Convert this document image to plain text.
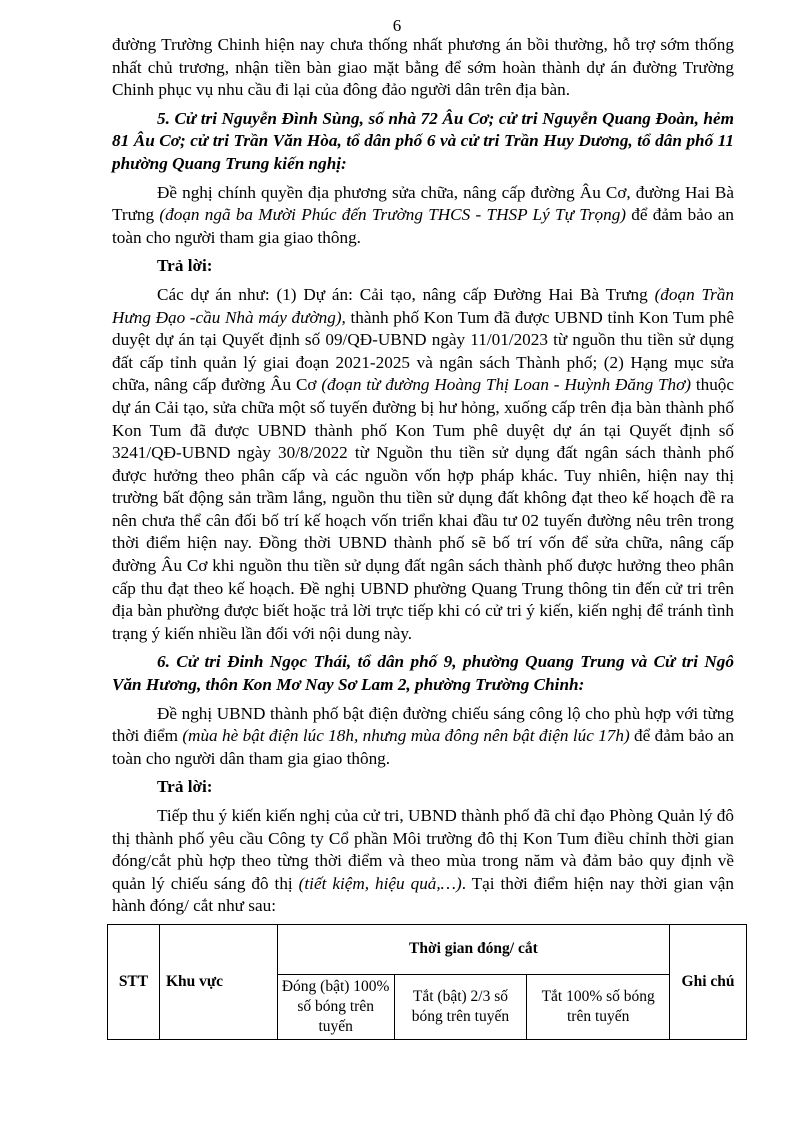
6

đường Trường Chinh hiện nay chưa thống nhất phương án bồi thường, hỗ trợ sớm thống nhất chủ trương, nhận tiền bàn giao mặt bằng để sớm hoàn thành dự án đường Trường Chinh phục vụ nhu cầu đi lại của đông đảo người dân trên địa bàn.

5. Cử tri Nguyễn Đình Sùng, số nhà 72 Âu Cơ; cử tri Nguyễn Quang Đoàn, hẻm 81 Âu Cơ; cử tri Trần Văn Hòa, tổ dân phố 6 và cử tri Trần Huy Dương, tổ dân phố 11 phường Quang Trung kiến nghị:

Đề nghị chính quyền địa phương sửa chữa, nâng cấp đường Âu Cơ, đường Hai Bà Trưng (đoạn ngã ba Mười Phúc đến Trường THCS - THSP Lý Tự Trọng) để đảm bảo an toàn cho người tham gia giao thông.

Trả lời:

Các dự án như: (1) Dự án: Cải tạo, nâng cấp Đường Hai Bà Trưng (đoạn Trần Hưng Đạo -cầu Nhà máy đường), thành phố Kon Tum đã được UBND tỉnh Kon Tum phê duyệt dự án tại Quyết định số 09/QĐ-UBND ngày 11/01/2023 từ nguồn thu tiền sử dụng đất cấp tỉnh quản lý giai đoạn 2021-2025 và ngân sách Thành phố; (2) Hạng mục sửa chữa, nâng cấp đường Âu Cơ (đoạn từ đường Hoàng Thị Loan - Huỳnh Đăng Thơ) thuộc dự án Cải tạo, sửa chữa một số tuyến đường bị hư hỏng, xuống cấp trên địa bàn thành phố Kon Tum đã được UBND thành phố Kon Tum phê duyệt dự án tại Quyết định số 3241/QĐ-UBND ngày 30/8/2022 từ Nguồn thu tiền sử dụng đất ngân sách thành phố được hưởng theo phân cấp và các nguồn vốn hợp pháp khác. Tuy nhiên, hiện nay thị trường bất động sản trầm lắng, nguồn thu tiền sử dụng đất không đạt theo kế hoạch đề ra nên chưa thể cân đối bố trí kế hoạch vốn triển khai đầu tư 02 tuyến đường nêu trên trong thời điểm hiện nay. Đồng thời UBND thành phố sẽ bố trí vốn để sửa chữa, nâng cấp đường Âu Cơ khi nguồn thu tiền sử dụng đất ngân sách thành phố được hưởng theo phân cấp thu đạt theo kế hoạch. Đề nghị UBND phường Quang Trung thông tin đến cử tri trên địa bàn phường được biết hoặc trả lời trực tiếp khi có cử tri ý kiến, kiến nghị để tránh tình trạng ý kiến nhiều lần đối với nội dung này.

6. Cử tri Đinh Ngọc Thái, tổ dân phố 9, phường Quang Trung và Cử tri Ngô Văn Hương, thôn Kon Mơ Nay Sơ Lam 2, phường Trường Chinh:

Đề nghị UBND thành phố bật điện đường chiếu sáng công lộ cho phù hợp với từng thời điểm (mùa hè bật điện lúc 18h, nhưng mùa đông nên bật điện lúc 17h) để đảm bảo an toàn cho người dân tham gia giao thông.

Trả lời:

Tiếp thu ý kiến kiến nghị của cử tri, UBND thành phố đã chỉ đạo Phòng Quản lý đô thị thành phố yêu cầu Công ty Cổ phần Môi trường đô thị Kon Tum điều chỉnh thời gian đóng/cắt phù hợp theo từng thời điểm và theo mùa trong năm và đảm bảo quy định về quản lý chiếu sáng đô thị (tiết kiệm, hiệu quả,…). Tại thời điểm hiện nay thời gian vận hành đóng/ cắt như sau:

STT	Khu vực	Thời gian đóng/ cắt			Ghi chú
		Đóng (bật) 100% số bóng trên tuyến	Tắt (bật) 2/3 số bóng trên tuyến	Tắt 100% số bóng trên tuyến	
